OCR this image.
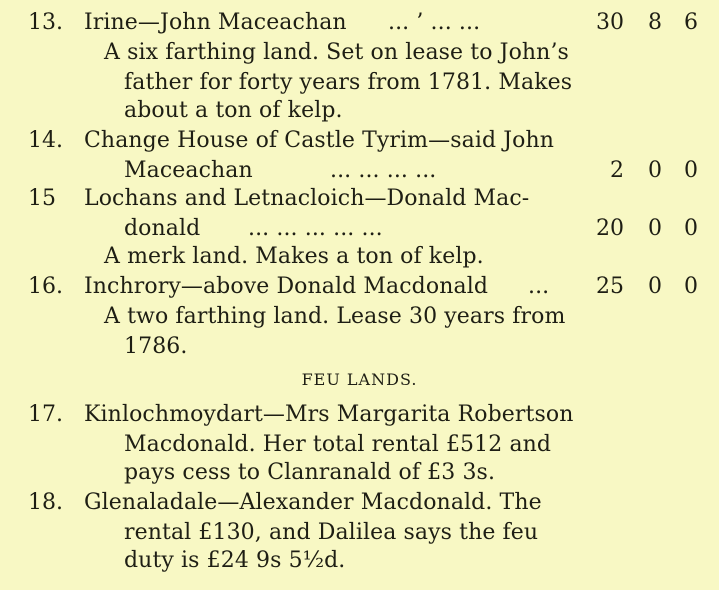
13. Irine—John Maceachan ... ’ ... ...	30	8	6
A six farthing land. Set on lease to John’s
father for forty years from 1781. Makes
about a ton of kelp.
14. Change House of Castle Tyrim—said John
Maceachan	... ... ... ...	2	0	0
15	Lochans and Letnacloich—Donald Mac-
donald ... ... ... ... ...	20	0	0
A merk land. Makes a ton of kelp.
16. Inchrory—above Donald Macdonald ...	25	0	0
A two farthing land. Lease 30 years from
1786.
FEU LANDS.
17. Kinlochmoydart—Mrs Margarita Robertson
Macdonald. Her total rental £512 and
pays cess to Clanranald of £3 3s.
18. Glenaladale—Alexander Macdonald. The
rental £130, and Dalilea says the feu
duty is £24 9s 5½d.
